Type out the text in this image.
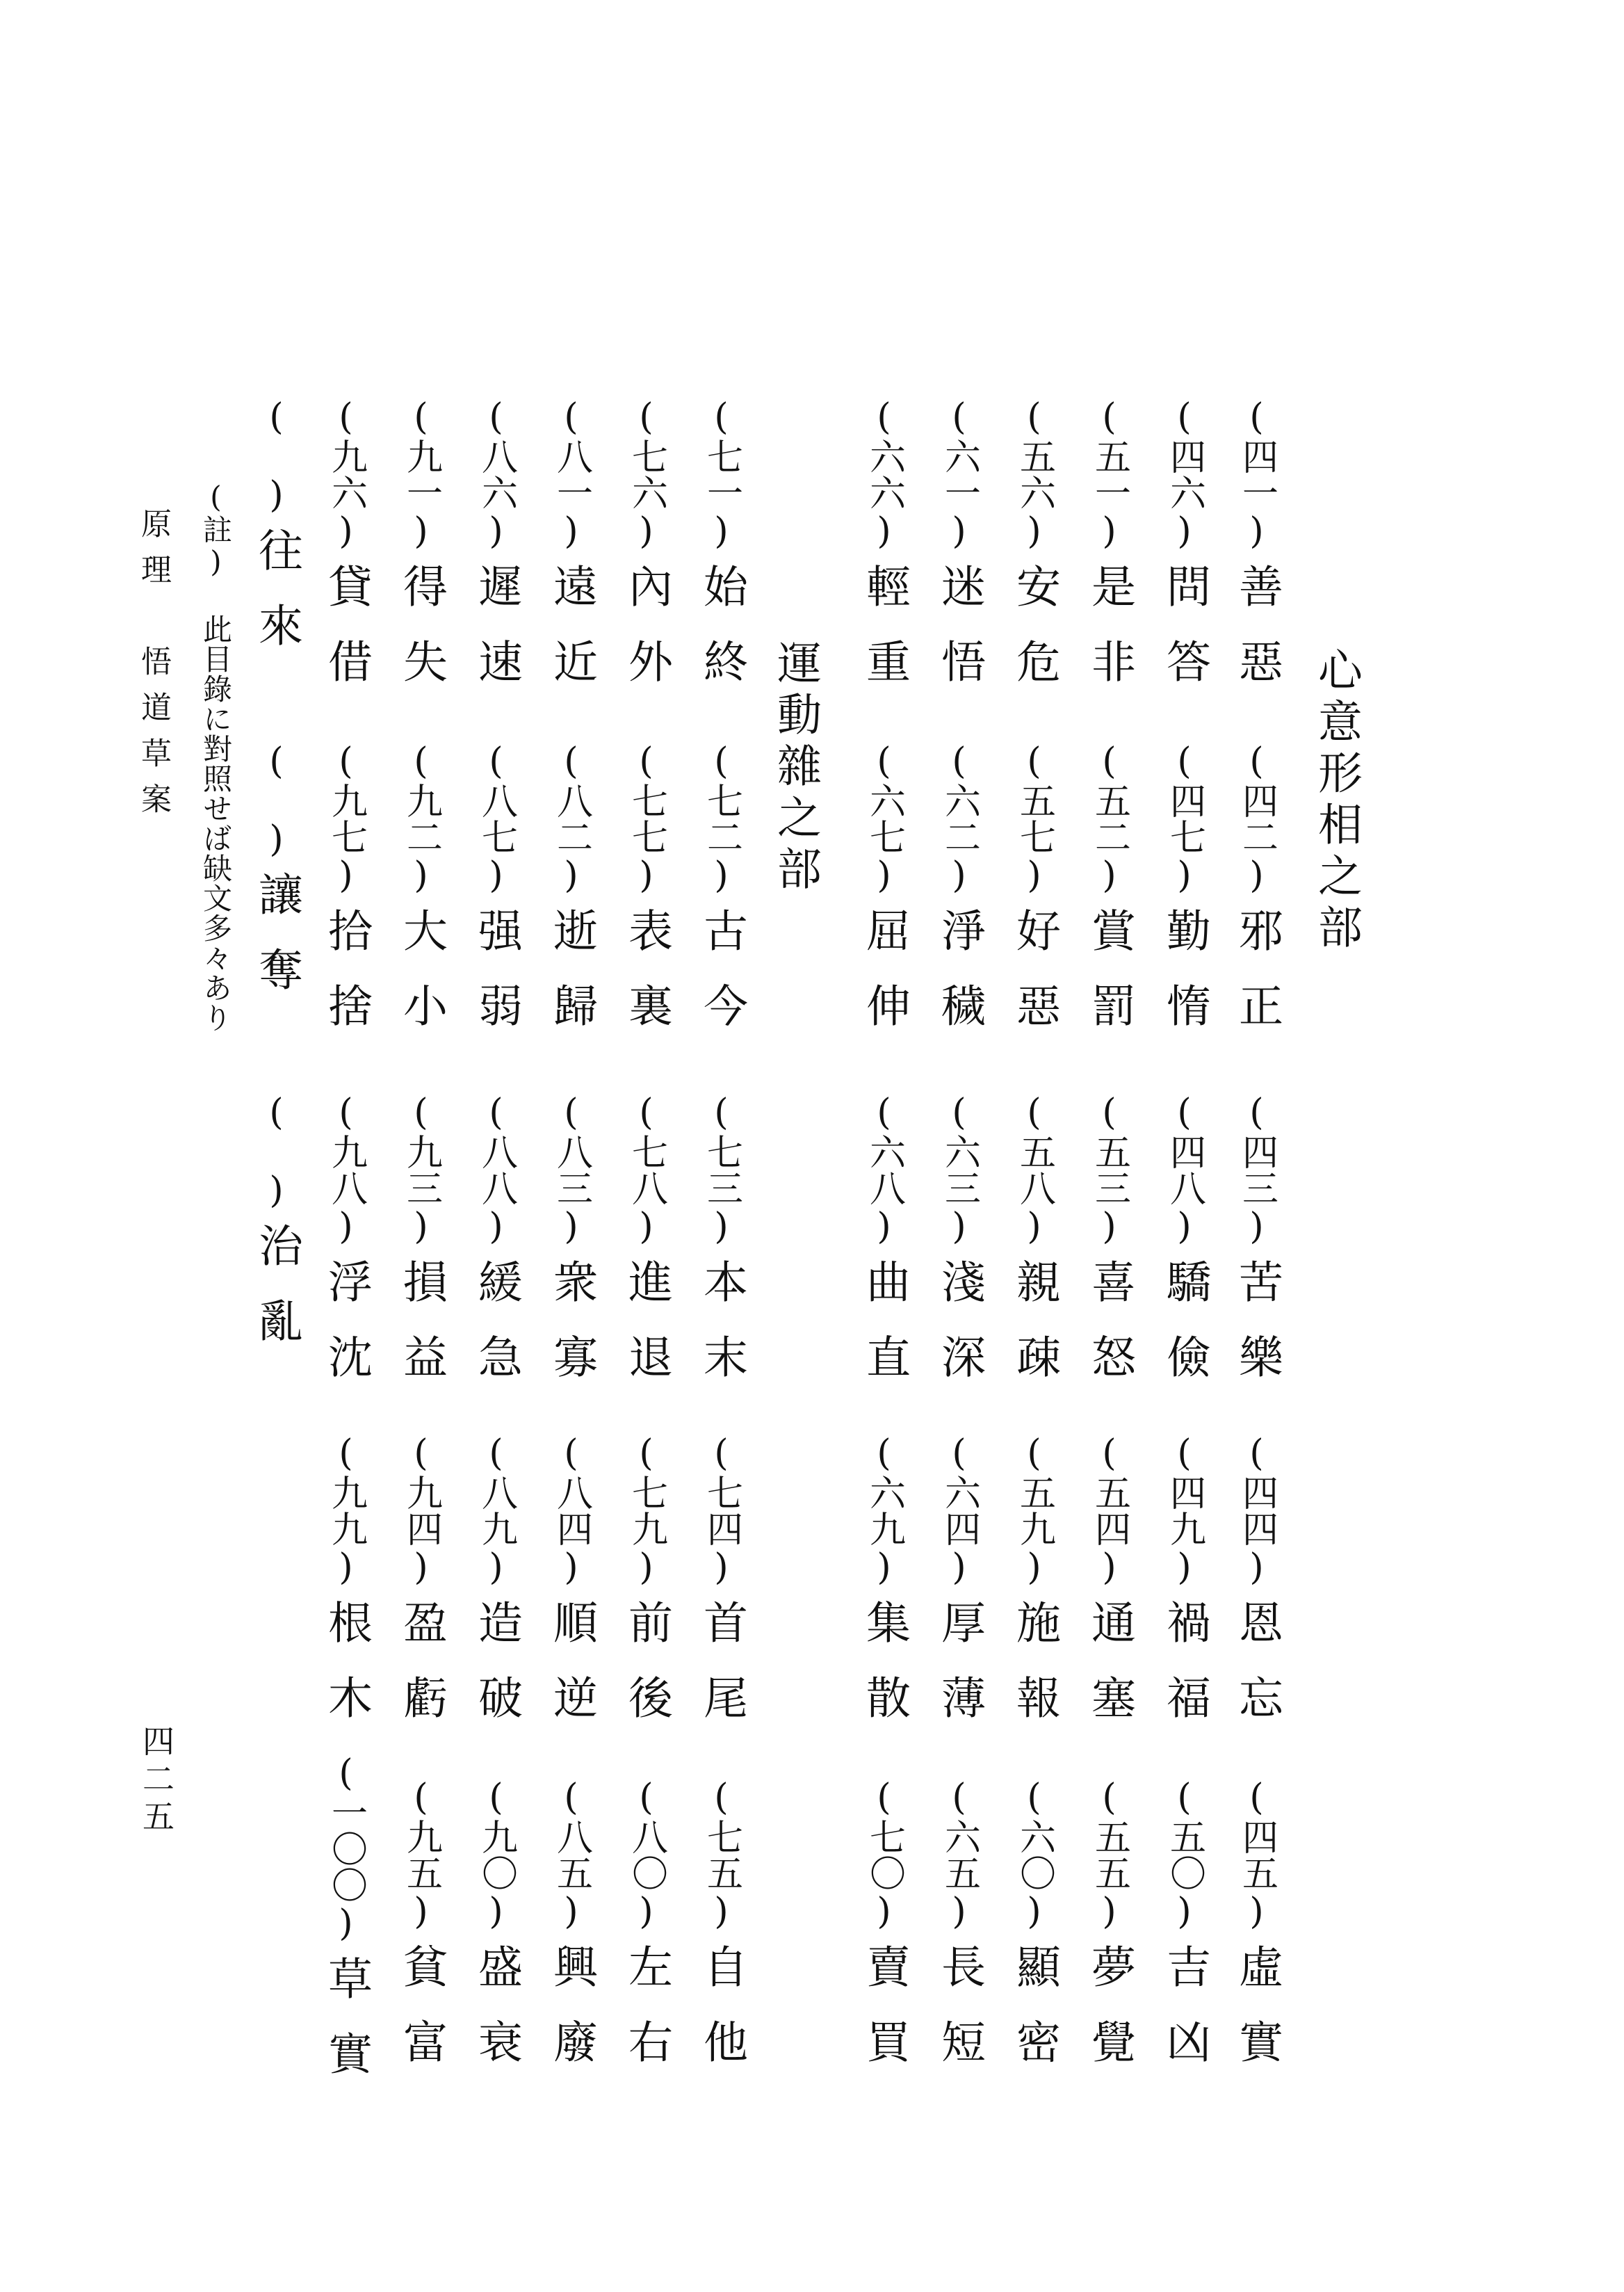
心意形相之部
(四一)
善惡
(四二)
邪正
(四三)
苦樂
(四四)
恩忘
(四五)
虛實
(四六)
問答
(四七)
勤惰
(四八)
驕儉
(四九)
禍福
(五〇)
吉凶
(五一)
是非
(五二)
賞罰
(五三)
喜怒
(五四)
通塞
(五五)
夢覺
(五六)
安危
(五七)
好惡
(五八)
親疎
(五九)
施報
(六〇)
顯密
(六一)
迷悟
(六二)
淨穢
(六三)
淺深
(六四)
厚薄
(六五)
長短
(六六)
輕重
(六七)
屈伸
(六八)
曲直
(六九)
集散
(七〇)
賣買
運動雜之部
(七一)
始終
(七二)
古今
(七三)
本末
(七四)
首尾
(七五)
自他
(七六)
內外
(七七)
表裏
(七八)
進退
(七九)
前後
(八〇)
左右
(八一)
遠近
(八二)
逝歸
(八三)
衆寡
(八四)
順逆
(八五)
興廢
(八六)
遲速
(八七)
强弱
(八八)
緩急
(八九)
造破
(九〇)
盛衰
(九一)
得失
(九二)
大小
(九三)
損益
(九四)
盈虧
(九五)
貧富
(九六)
貸借
(九七)
拾捨
(九八)
浮沈
(九九)
根木
(一〇〇)
草實
(　)
往來
(　)
讓奪
(　)
治亂
(註) 此目錄に對照せば缺文多々あり
原理　悟道草案
四二五
